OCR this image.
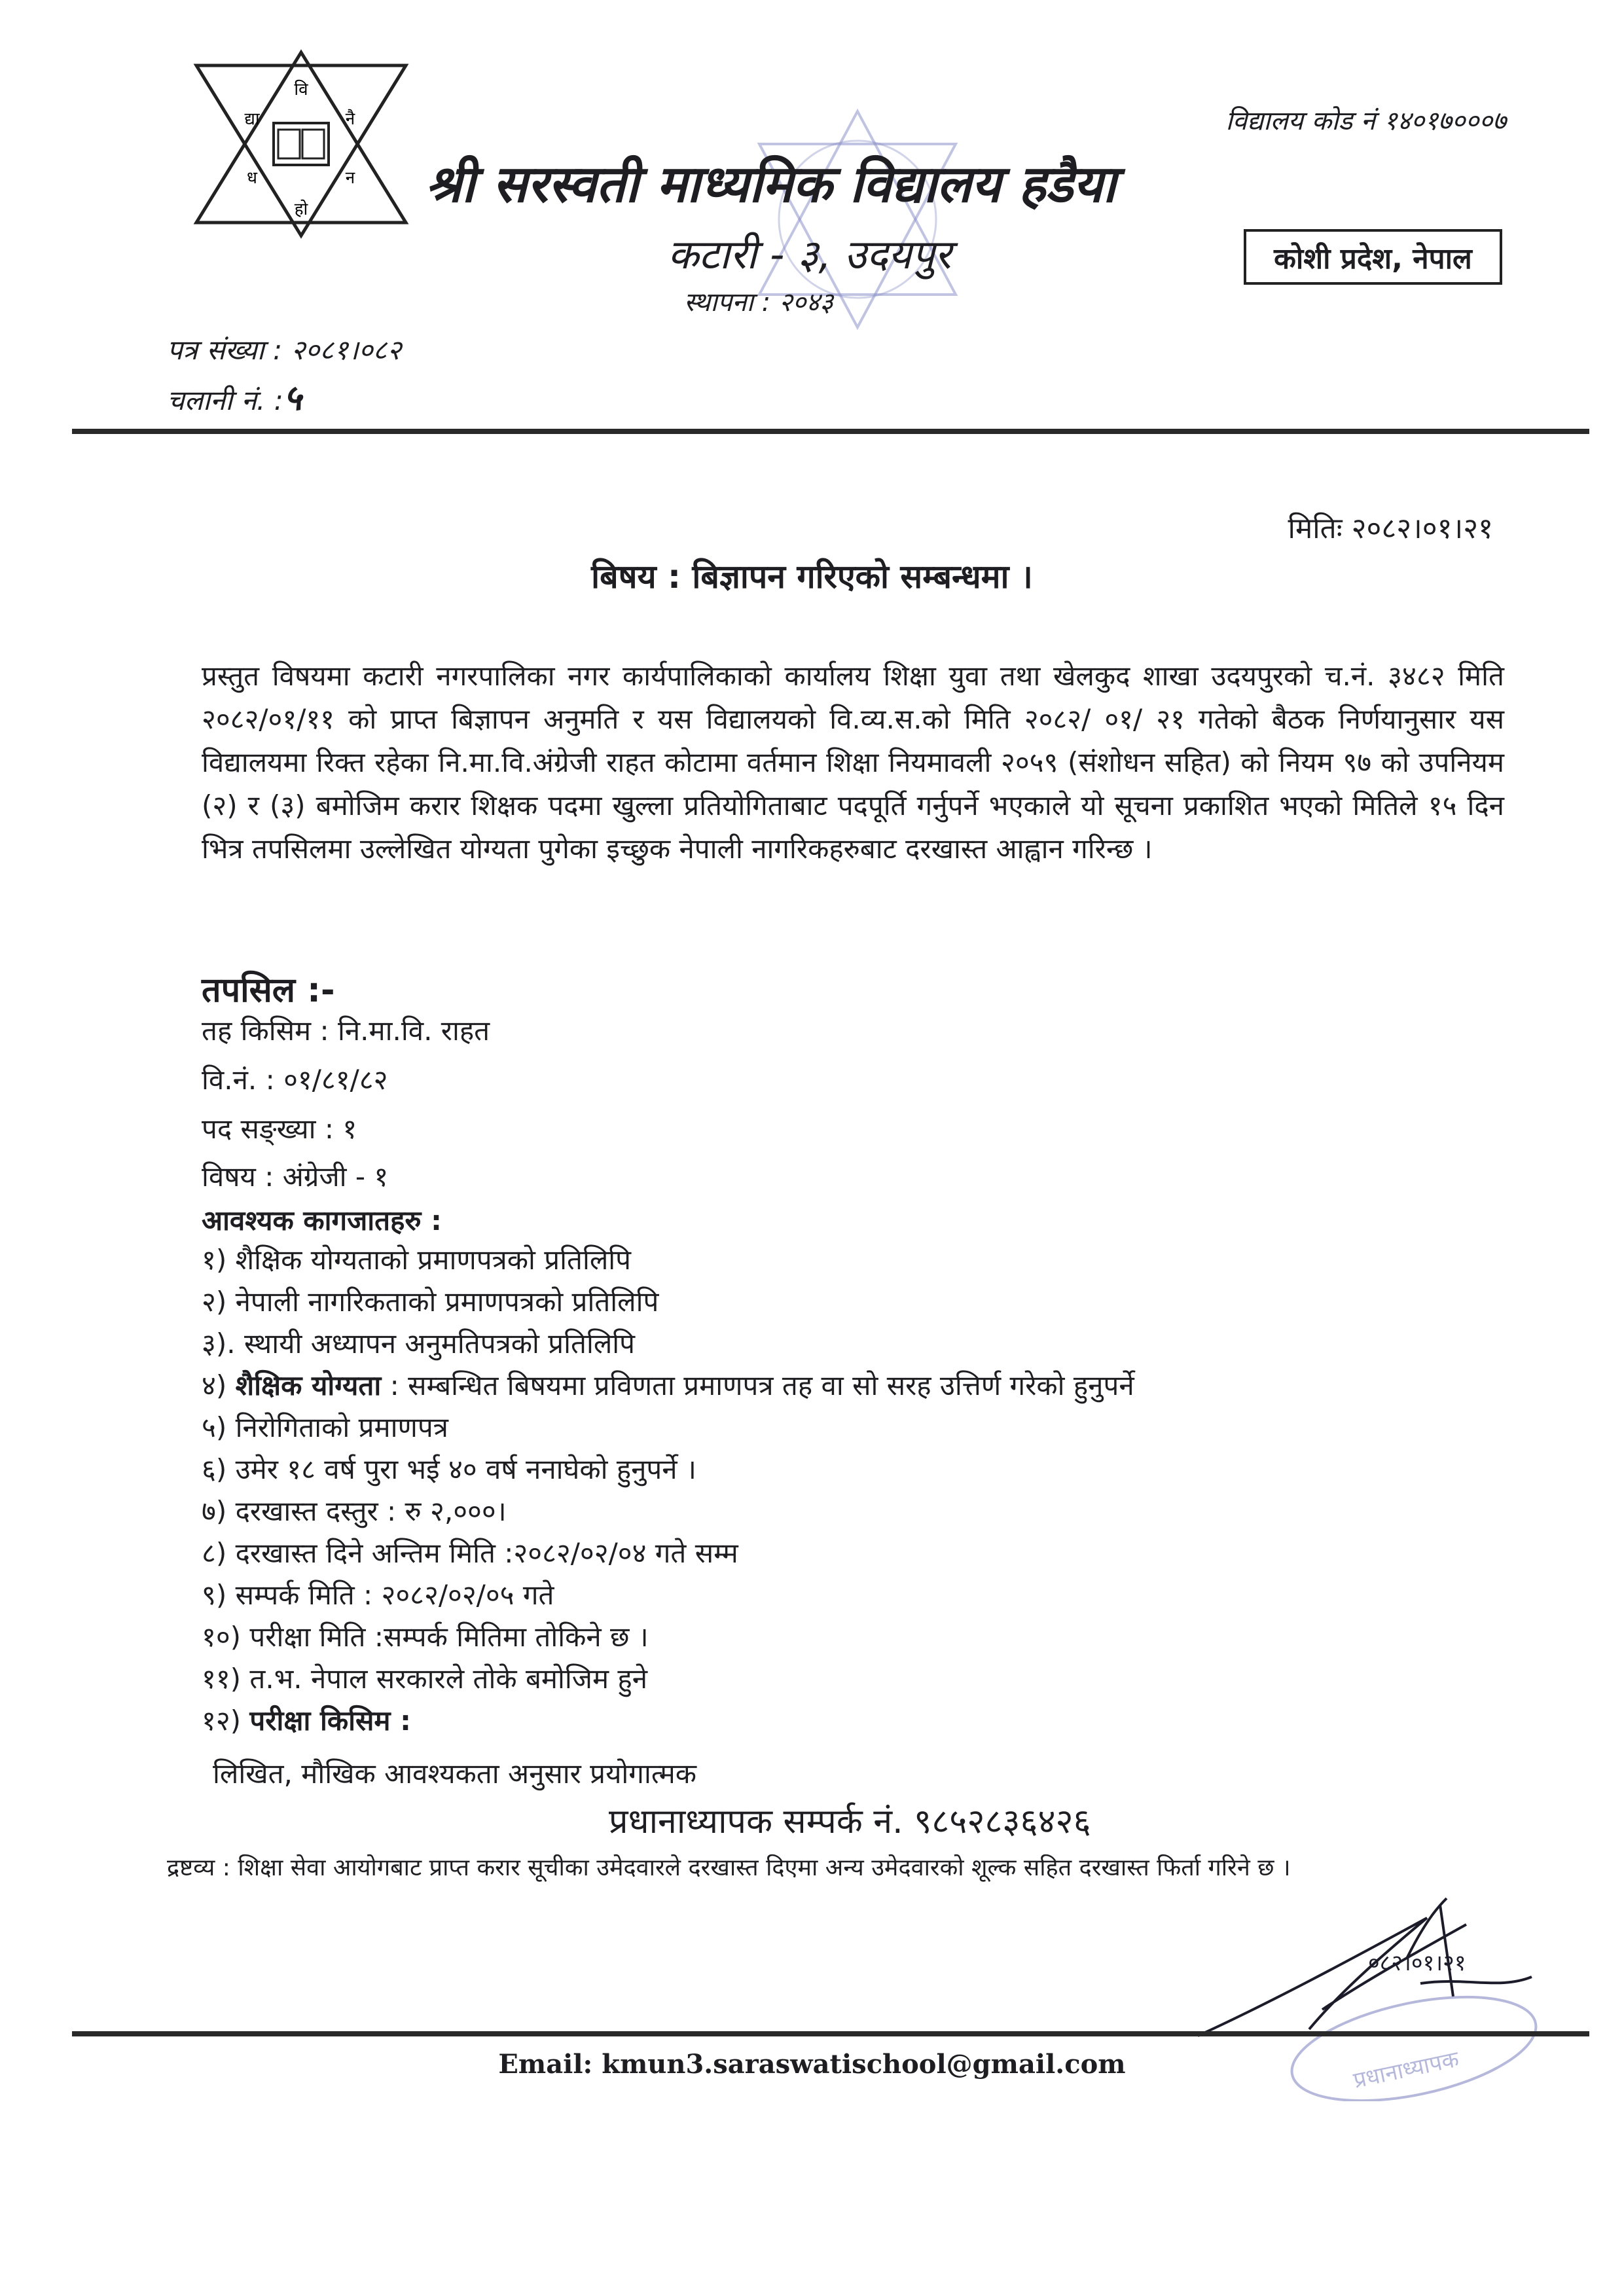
वि
नै
न
हो
ध
द्या	विद्यालय कोड नं १४०१७०००७
श्री सरस्वती माध्यमिक विद्यालय हडैया
कटारी - ३, उदयपुर
स्थापना : २०४३
कोशी प्रदेश, नेपाल
पत्र संख्या : २०८१।०८२
चलानी नं. :५
मितिः २०८२।०१।२१
बिषय : बिज्ञापन गरिएको सम्बन्धमा ।
प्रस्तुत विषयमा कटारी नगरपालिका नगर कार्यपालिकाको कार्यालय शिक्षा युवा तथा खेलकुद शाखा उदयपुरको च.नं. ३४८२ मिति २०८२/०१/११ को प्राप्त बिज्ञापन अनुमति र यस विद्यालयको वि.व्य.स.को मिति २०८२/ ०१/ २१ गतेको बैठक निर्णयानुसार यस विद्यालयमा रिक्त रहेका नि.मा.वि.अंग्रेजी राहत कोटामा वर्तमान शिक्षा नियमावली २०५९ (संशोधन सहित) को नियम ९७ को उपनियम (२) र (३) बमोजिम करार शिक्षक पदमा खुल्ला प्रतियोगिताबाट पदपूर्ति गर्नुपर्ने भएकाले यो सूचना प्रकाशित भएको मितिले १५ दिन भित्र तपसिलमा उल्लेखित योग्यता पुगेका इच्छुक नेपाली नागरिकहरुबाट दरखास्त आह्वान गरिन्छ ।
तपसिल :-
तह किसिम : नि.मा.वि. राहत
वि.नं. : ०१/८१/८२
पद सङ्ख्या : १
विषय : अंग्रेजी - १
आवश्यक कागजातहरु :
१) शैक्षिक योग्यताको प्रमाणपत्रको प्रतिलिपि
२) नेपाली नागरिकताको प्रमाणपत्रको प्रतिलिपि
३). स्थायी अध्यापन अनुमतिपत्रको प्रतिलिपि
४) शैक्षिक योग्यता : सम्बन्धित बिषयमा प्रविणता प्रमाणपत्र तह वा सो सरह उत्तिर्ण गरेको हुनुपर्ने
५) निरोगिताको प्रमाणपत्र
६) उमेर १८ वर्ष पुरा भई ४० वर्ष ननाघेको हुनुपर्ने ।
७) दरखास्त दस्तुर : रु २,०००।
८) दरखास्त दिने अन्तिम मिति :२०८२/०२/०४ गते सम्म
९) सम्पर्क मिति : २०८२/०२/०५ गते
१०) परीक्षा मिति :सम्पर्क मितिमा तोकिने छ ।
११) त.भ. नेपाल सरकारले तोके बमोजिम हुने
१२) परीक्षा किसिम :
लिखित, मौखिक आवश्यकता अनुसार प्रयोगात्मक
प्रधानाध्यापक सम्पर्क नं. ९८५२८३६४२६
द्रष्टव्य : शिक्षा सेवा आयोगबाट प्राप्त करार सूचीका उमेदवारले दरखास्त दिएमा अन्य उमेदवारको शूल्क सहित दरखास्त फिर्ता गरिने छ ।
०८२।०१।२१
प्रधानाध्यापक
Email: kmun3.saraswatischool@gmail.com
